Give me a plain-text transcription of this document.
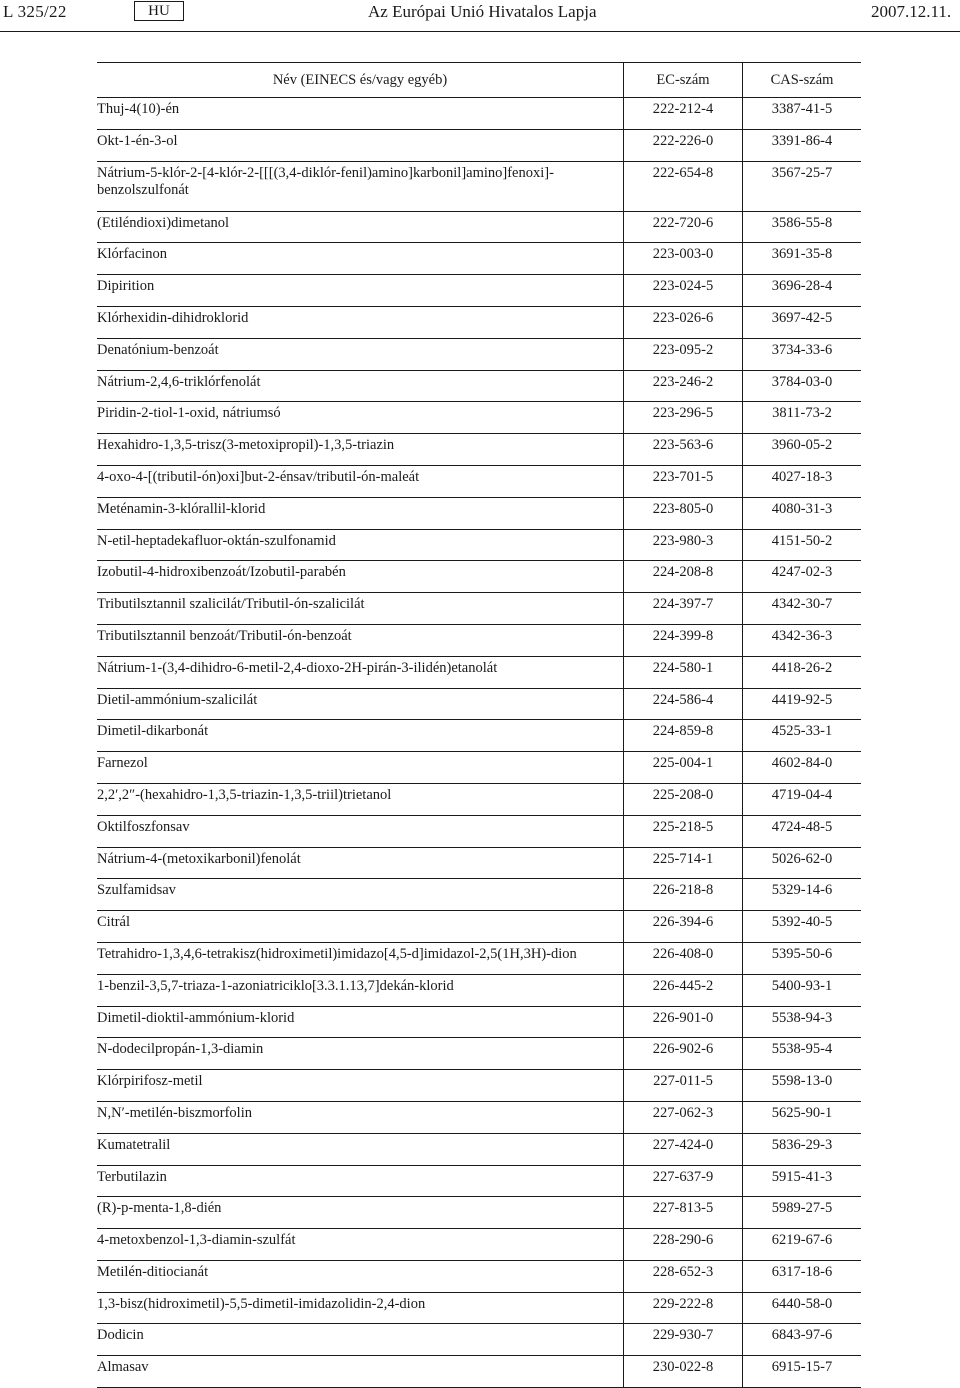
L 325/22	HU	Az Európai Unió Hivatalos Lapja	2007.12.11.
Név (EINECS és/vagy egyéb)	EC-szám	CAS-szám
Thuj-4(10)-én	222-212-4	3387-41-5
Okt-1-én-3-ol	222-226-0	3391-86-4
Nátrium-5-klór-2-[4-klór-2-[[[(3,4-diklór-fenil)amino]karbonil]amino]fenoxi]-benzolszulfonát	222-654-8	3567-25-7
(Etiléndioxi)dimetanol	222-720-6	3586-55-8
Klórfacinon	223-003-0	3691-35-8
Dipirition	223-024-5	3696-28-4
Klórhexidin-dihidroklorid	223-026-6	3697-42-5
Denatónium-benzoát	223-095-2	3734-33-6
Nátrium-2,4,6-triklórfenolát	223-246-2	3784-03-0
Piridin-2-tiol-1-oxid, nátriumsó	223-296-5	3811-73-2
Hexahidro-1,3,5-trisz(3-metoxipropil)-1,3,5-triazin	223-563-6	3960-05-2
4-oxo-4-[(tributil-ón)oxi]but-2-énsav/tributil-ón-maleát	223-701-5	4027-18-3
Meténamin-3-klórallil-klorid	223-805-0	4080-31-3
N-etil-heptadekafluor-oktán-szulfonamid	223-980-3	4151-50-2
Izobutil-4-hidroxibenzoát/Izobutil-parabén	224-208-8	4247-02-3
Tributilsztannil szalicilát/Tributil-ón-szalicilát	224-397-7	4342-30-7
Tributilsztannil benzoát/Tributil-ón-benzoát	224-399-8	4342-36-3
Nátrium-1-(3,4-dihidro-6-metil-2,4-dioxo-2H-pirán-3-ilidén)etanolát	224-580-1	4418-26-2
Dietil-ammónium-szalicilát	224-586-4	4419-92-5
Dimetil-dikarbonát	224-859-8	4525-33-1
Farnezol	225-004-1	4602-84-0
2,2′,2″-(hexahidro-1,3,5-triazin-1,3,5-triil)trietanol	225-208-0	4719-04-4
Oktilfoszfonsav	225-218-5	4724-48-5
Nátrium-4-(metoxikarbonil)fenolát	225-714-1	5026-62-0
Szulfamidsav	226-218-8	5329-14-6
Citrál	226-394-6	5392-40-5
Tetrahidro-1,3,4,6-tetrakisz(hidroximetil)imidazo[4,5-d]imidazol-2,5(1H,3H)-dion	226-408-0	5395-50-6
1-benzil-3,5,7-triaza-1-azoniatriciklo[3.3.1.13,7]dekán-klorid	226-445-2	5400-93-1
Dimetil-dioktil-ammónium-klorid	226-901-0	5538-94-3
N-dodecilpropán-1,3-diamin	226-902-6	5538-95-4
Klórpirifosz-metil	227-011-5	5598-13-0
N,N′-metilén-biszmorfolin	227-062-3	5625-90-1
Kumatetralil	227-424-0	5836-29-3
Terbutilazin	227-637-9	5915-41-3
(R)-p-menta-1,8-dién	227-813-5	5989-27-5
4-metoxbenzol-1,3-diamin-szulfát	228-290-6	6219-67-6
Metilén-ditiocianát	228-652-3	6317-18-6
1,3-bisz(hidroximetil)-5,5-dimetil-imidazolidin-2,4-dion	229-222-8	6440-58-0
Dodicin	229-930-7	6843-97-6
Almasav	230-022-8	6915-15-7
